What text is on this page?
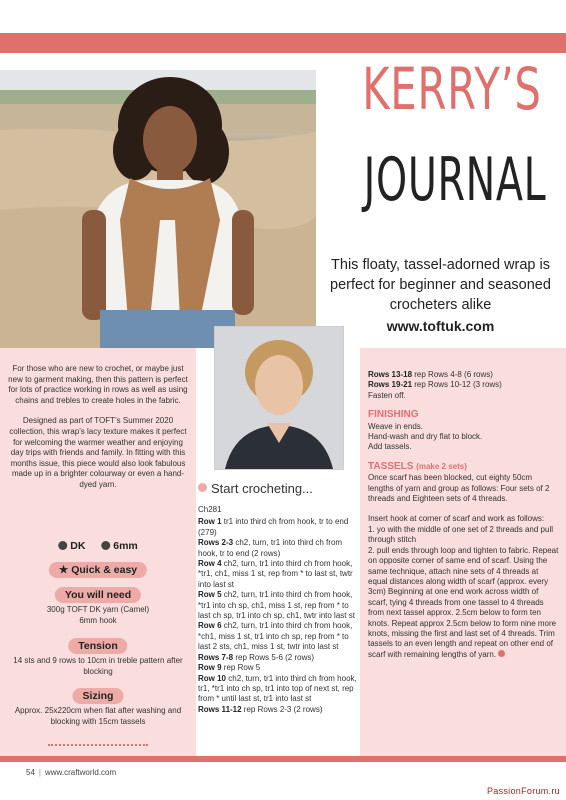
KERRY’S
JOURNAL
This floaty, tassel-adorned wrap is perfect for beginner and seasoned crocheters alike
www.toftuk.com

For those who are new to crochet, or maybe just new to garment making, then this pattern is perfect for lots of practice working in rows as well as using chains and trebles to create holes in the fabric.

Designed as part of TOFT’s Summer 2020 collection, this wrap’s lacy texture makes it perfect for welcoming the warmer weather and enjoying day trips with friends and family. In fitting with this months issue, this piece would also look fabulous made up in a brighter colourway or even a hand-dyed yarn.

DK	6mm
★ Quick & easy
You will need
300g TOFT DK yarn (Camel) 6mm hook
Tension
14 sts and 9 rows to 10cm in treble pattern after blocking
Sizing
Approx. 25x220cm when flat after washing and blocking with 15cm tassels
Start crocheting...

Ch281

Row 1 tr1 into third ch from hook, tr to end (279)

Rows 2-3 ch2, turn, tr1 into third ch from hook, tr to end (2 rows)

Row 4 ch2, turn, tr1 into third ch from hook, *tr1, ch1, miss 1 st, rep from * to last st, twtr into last st

Row 5 ch2, turn, tr1 into third ch from hook, *tr1 into ch sp, ch1, miss 1 st, rep from * to last ch sp, tr1 into ch sp, ch1, twtr into last st

Row 6 ch2, turn, tr1 into third ch from hook, *ch1, miss 1 st, tr1 into ch sp, rep from * to last 2 sts, ch1, miss 1 st, twtr into last st

Rows 7-8 rep Rows 5-6 (2 rows)

Row 9 rep Row 5

Row 10 ch2, turn, tr1 into third ch from hook, tr1, *tr1 into ch sp, tr1 into top of next st, rep from * until last st, tr1 into last st

Rows 11-12 rep Rows 2-3 (2 rows)

Rows 13-18 rep Rows 4-8 (6 rows)

Rows 19-21 rep Rows 10-12 (3 rows)

Fasten off.

FINISHING

Weave in ends.

Hand-wash and dry flat to block.

Add tassels.

TASSELS (make 2 sets)

Once scarf has been blocked, cut eighty 50cm lengths of yarn and group as follows: Four sets of 2 threads and Eighteen sets of 4 threads.

Insert hook at corner of scarf and work as follows:

1. yo with the middle of one set of 2 threads and pull through stitch

2. pull ends through loop and tighten to fabric. Repeat on opposite corner of same end of scarf. Using the same technique, attach nine sets of 4 threads at equal distances along width of scarf (approx. every 3cm) Beginning at one end work across width of scarf, tying 4 threads from one tassel to 4 threads from next tassel approx. 2.5cm below to form ten knots. Repeat approx 2.5cm below to form nine more knots, missing the first and last set of 4 threads. Trim tassels to an even length and repeat on other end of scarf with remaining lengths of yarn.

54 | www.craftworld.com
PassionForum.ru
